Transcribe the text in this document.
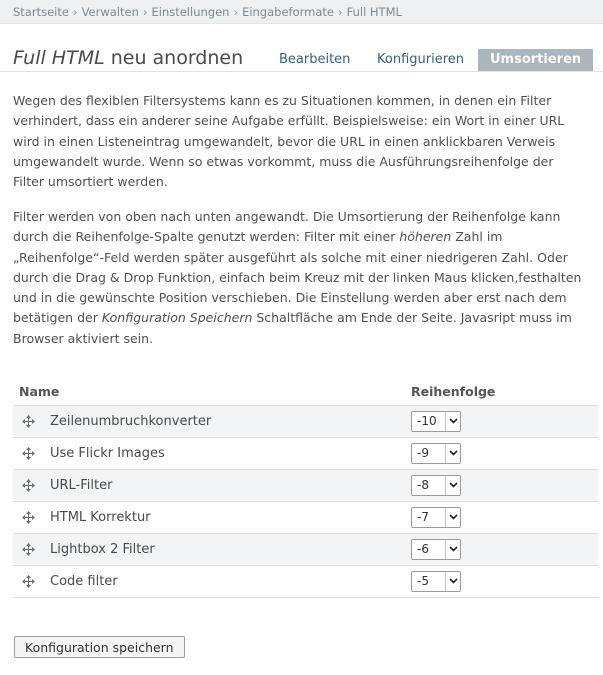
Startseite › Verwalten › Einstellungen › Eingabeformate › Full HTML
Full HTML neu anordnen	Bearbeiten Konfigurieren	Umsortieren

Wegen des flexiblen Filtersystems kann es zu Situationen kommen, in denen ein Filter verhindert, dass ein anderer seine Aufgabe erfüllt. Beispielsweise: ein Wort in einer URL wird in einen Listeneintrag umgewandelt, bevor die URL in einen anklickbaren Verweis umgewandelt wurde. Wenn so etwas vorkommt, muss die Ausführungsreihenfolge der Filter umsortiert werden.

Filter werden von oben nach unten angewandt. Die Umsortierung der Reihenfolge kann durch die Reihenfolge-Spalte genutzt werden: Filter mit einer höheren Zahl im „Reihenfolge“-Feld werden später ausgeführt als solche mit einer niedrigeren Zahl. Oder durch die Drag & Drop Funktion, einfach beim Kreuz mit der linken Maus klicken,festhalten und in die gewünschte Position verschieben. Die Einstellung werden aber erst nach dem betätigen der Konfiguration Speichern Schaltfläche am Ende der Seite. Javasript muss im Browser aktiviert sein.

Name		Reihenfolge
	Zeilenumbruchkonverter	-10

	Use Flickr Images	-9

	URL-Filter	-8

	HTML Korrektur	-7

	Lightbox 2 Filter	-6

	Code filter	-5
Konfiguration speichern
